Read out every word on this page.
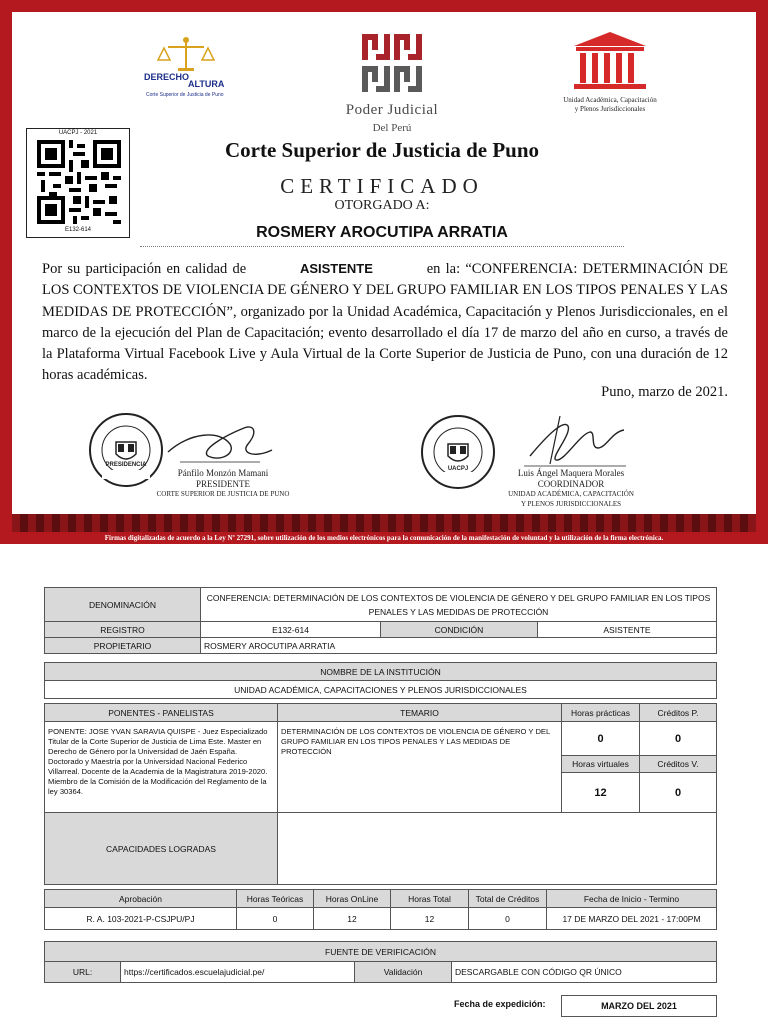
DERECHO
ALTURA
Corte Superior de Justicia de Puno
Poder Judicial
Del Perú
Unidad Académica, Capacitación
y Plenos Jurisdiccionales
UACPJ - 2021
E132-614
Corte Superior de Justicia de Puno
CERTIFICADO
OTORGADO A:
ROSMERY AROCUTIPA ARRATIA
Por su participación en calidad de	ASISTENTE	en la: “CONFERENCIA: DETERMINACIÓN DE LOS CONTEXTOS DE VIOLENCIA DE GÉNERO Y DEL GRUPO FAMILIAR EN LOS TIPOS PENALES Y LAS MEDIDAS DE PROTECCIÓN”, organizado por la Unidad Académica, Capacitación y Plenos Jurisdiccionales, en el marco de la ejecución del Plan de Capacitación; evento desarrollado el día 17 de marzo del año en curso, a través de la Plataforma Virtual Facebook Live y Aula Virtual de la Corte Superior de Justicia de Puno, con una duración de 12 horas académicas.
Puno, marzo de 2021.
PRESIDENCIA
UACPJ
Pánfilo Monzón Mamani
PRESIDENTE
CORTE SUPERIOR DE JUSTICIA DE PUNO
Luis Ángel Maquera Morales
COORDINADOR
UNIDAD ACADÉMICA, CAPACITACIÓN
Y PLENOS JURISDICCIONALES
Firmas digitalizadas de acuerdo a la Ley Nº 27291, sobre utilización de los medios electrónicos para la comunicación de la manifestación de voluntad y la utilización de la firma electrónica.
DENOMINACIÓN	CONFERENCIA: DETERMINACIÓN DE LOS CONTEXTOS DE VIOLENCIA DE GÉNERO Y DEL GRUPO FAMILIAR EN LOS TIPOS PENALES Y LAS MEDIDAS DE PROTECCIÓN		
REGISTRO	E132-614	CONDICIÓN	ASISTENTE
PROPIETARIO	ROSMERY AROCUTIPA ARRATIA		
NOMBRE DE LA INSTITUCIÓN
UNIDAD ACADÉMICA, CAPACITACIONES Y PLENOS JURISDICCIONALES
PONENTES - PANELISTAS	TEMARIO	Horas prácticas	Créditos P.
PONENTE: JOSE YVAN SARAVIA QUISPE - Juez Especializado Titular de la Corte Superior de Justicia de Lima Este. Master en Derecho de Género por la Universidad de Jaén España. Doctorado y Maestría por la Universidad Nacional Federico Villarreal. Docente de la Academia de la Magistratura 2019-2020. Miembro de la Comisión de la Modificación del Reglamento de la ley 30364.	DETERMINACIÓN DE LOS CONTEXTOS DE VIOLENCIA DE GÉNERO Y DEL GRUPO FAMILIAR EN LOS TIPOS PENALES Y LAS MEDIDAS DE PROTECCIÓN	0	0
		Horas virtuales	Créditos V.
		12	0
CAPACIDADES LOGRADAS			
Aprobación	Horas Teóricas	Horas OnLine	Horas Total	Total de Créditos	Fecha de Inicio - Termino
R. A. 103-2021-P-CSJPU/PJ	0	12	12	0	17 DE MARZO DEL 2021 - 17:00PM
FUENTE DE VERIFICACIÓN
URL:	https://certificados.escuelajudicial.pe/	Validación	DESCARGABLE CON CÓDIGO QR ÚNICO
Fecha de expedición:	MARZO DEL 2021
